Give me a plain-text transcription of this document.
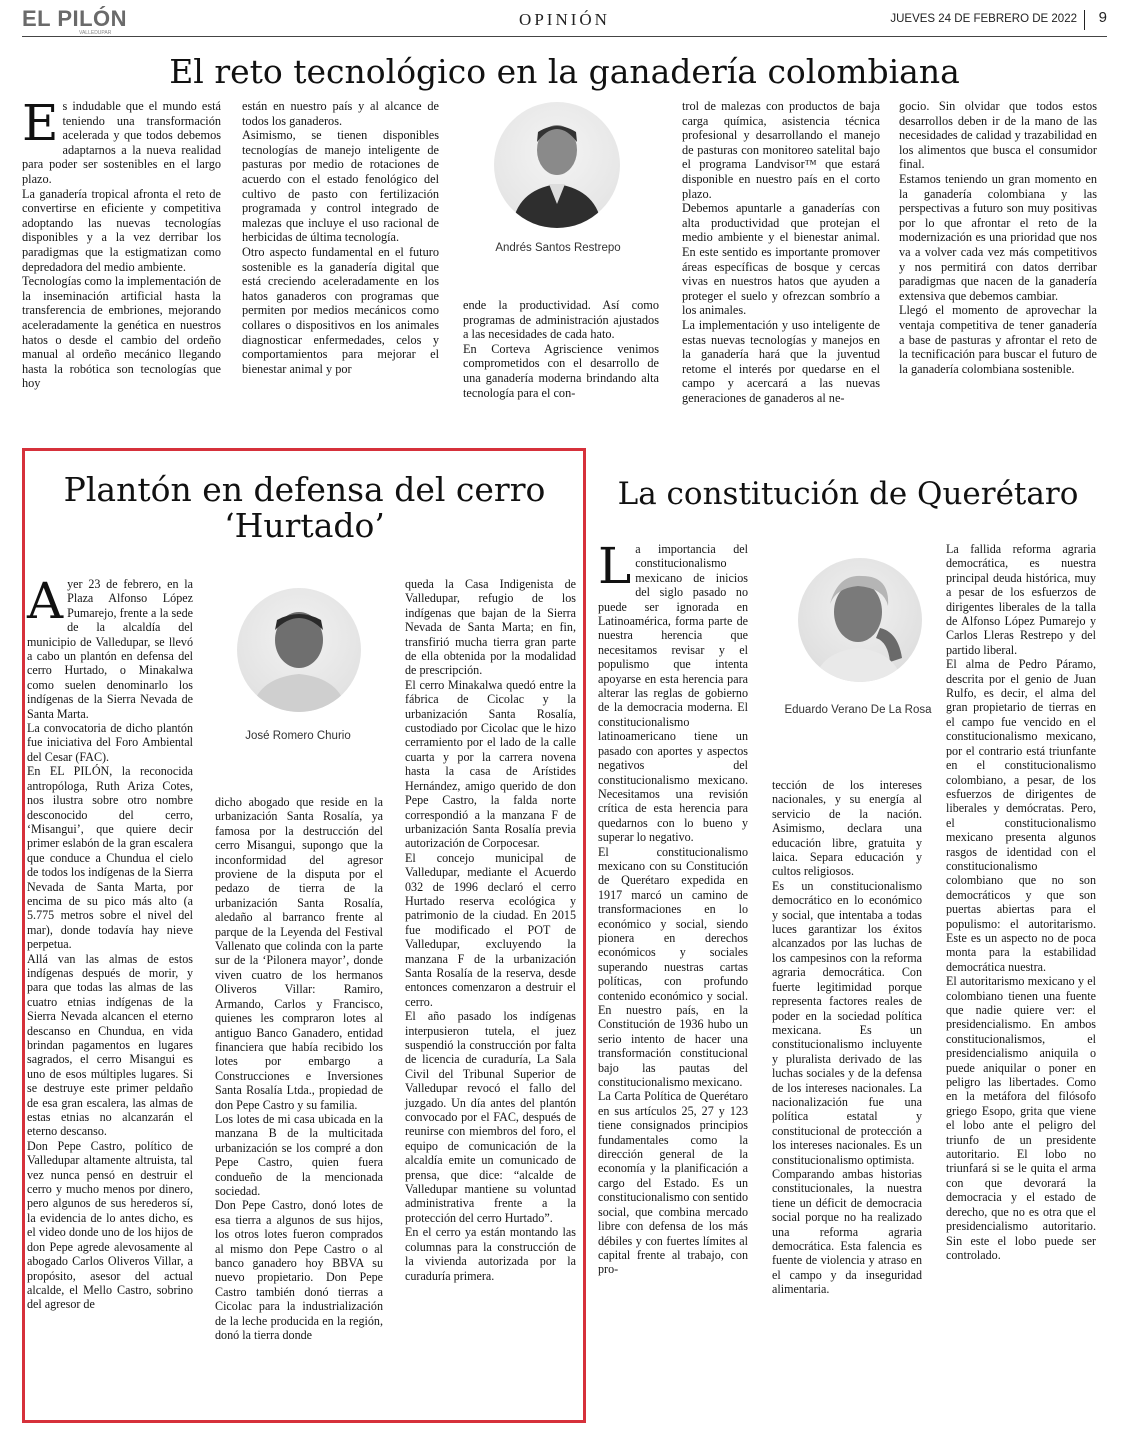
EL PILÓN
VALLEDUPAR
OPINIÓN	JUEVES 24 DE FEBRERO DE 2022 9
El reto tecnológico en la ganadería colombiana
E s indudable que el mundo está teniendo una transformación acelerada y que todos debemos adaptarnos a la nueva realidad para poder ser sostenibles en el largo plazo.

La ganadería tropical afronta el reto de convertirse en eficiente y competitiva adoptando las nuevas tecnologías disponibles y a la vez derribar los paradigmas que la estigmatizan como depredadora del medio ambiente.

Tecnologías como la implementación de la inseminación artificial hasta la transferencia de embriones, mejorando aceleradamente la genética en nuestros hatos o desde el cambio del ordeño manual al ordeño mecánico llegando hasta la robótica son tecnologías que hoy

están en nuestro país y al alcance de todos los ganaderos.

Asimismo, se tienen disponibles tecnologías de manejo inteligente de pasturas por medio de rotaciones de acuerdo con el estado fenológico del cultivo de pasto con fertilización programada y control integrado de malezas que incluye el uso racional de herbicidas de última tecnología.

Otro aspecto fundamental en el futuro sostenible es la ganadería digital que está creciendo aceleradamente en los hatos ganaderos con programas que permiten por medios mecánicos como collares o dispositivos en los animales diagnosticar enfermedades, celos y comportamientos para mejorar el bienestar animal y por

Andrés Santos Restrepo

ende la productividad. Así como programas de administración ajustados a las necesidades de cada hato.

En Corteva Agriscience venimos comprometidos con el desarrollo de una ganadería moderna brindando alta tecnología para el con-

trol de malezas con productos de baja carga química, asistencia técnica profesional y desarrollando el manejo de pasturas con monitoreo satelital bajo el programa Landvisor™ que estará disponible en nuestro país en el corto plazo.

Debemos apuntarle a ganaderías con alta productividad que protejan el medio ambiente y el bienestar animal. En este sentido es importante promover áreas específicas de bosque y cercas vivas en nuestros hatos que ayuden a proteger el suelo y ofrezcan sombrío a los animales.

La implementación y uso inteligente de estas nuevas tecnologías y manejos en la ganadería hará que la juventud retome el interés por quedarse en el campo y acercará a las nuevas generaciones de ganaderos al ne-

gocio. Sin olvidar que todos estos desarrollos deben ir de la mano de las necesidades de calidad y trazabilidad en los alimentos que busca el consumidor final.

Estamos teniendo un gran momento en la ganadería colombiana y las perspectivas a futuro son muy positivas por lo que afrontar el reto de la modernización es una prioridad que nos va a volver cada vez más competitivos y nos permitirá con datos derribar paradigmas que nacen de la ganadería extensiva que debemos cambiar.

Llegó el momento de aprovechar la ventaja competitiva de tener ganadería a base de pasturas y afrontar el reto de la tecnificación para buscar el futuro de la ganadería colombiana sostenible.

Plantón en defensa del cerro ‘Hurtado’
A yer 23 de febrero, en la Plaza Alfonso López Pumarejo, frente a la sede de la alcaldía del municipio de Valledupar, se llevó a cabo un plantón en defensa del cerro Hurtado, o Minakalwa como suelen denominarlo los indígenas de la Sierra Nevada de Santa Marta.

La convocatoria de dicho plantón fue iniciativa del Foro Ambiental del Cesar (FAC).

En EL PILÓN, la reconocida antropóloga, Ruth Ariza Cotes, nos ilustra sobre otro nombre desconocido del cerro, ‘Misangui’, que quiere decir primer eslabón de la gran escalera que conduce a Chundua el cielo de todos los indígenas de la Sierra Nevada de Santa Marta, por encima de su pico más alto (a 5.775 metros sobre el nivel del mar), donde todavía hay nieve perpetua.

Allá van las almas de estos indígenas después de morir, y para que todas las almas de las cuatro etnias indígenas de la Sierra Nevada alcancen el eterno descanso en Chundua, en vida brindan pagamentos en lugares sagrados, el cerro Misangui es uno de esos múltiples lugares. Si se destruye este primer peldaño de esa gran escalera, las almas de estas etnias no alcanzarán el eterno descanso.

Don Pepe Castro, político de Valledupar altamente altruista, tal vez nunca pensó en destruir el cerro y mucho menos por dinero, pero algunos de sus herederos sí, la evidencia de lo antes dicho, es el video donde uno de los hijos de don Pepe agrede alevosamente al abogado Carlos Oliveros Villar, a propósito, asesor del actual alcalde, el Mello Castro, sobrino del agresor de

José Romero Churio

dicho abogado que reside en la urbanización Santa Rosalía, ya famosa por la destrucción del cerro Misangui, supongo que la inconformidad del agresor proviene de la disputa por el pedazo de tierra de la urbanización Santa Rosalía, aledaño al barranco frente al parque de la Leyenda del Festival Vallenato que colinda con la parte sur de la ‘Pilonera mayor’, donde viven cuatro de los hermanos Oliveros Villar: Ramiro, Armando, Carlos y Francisco, quienes les compraron lotes al antiguo Banco Ganadero, entidad financiera que había recibido los lotes por embargo a Construcciones e Inversiones Santa Rosalía Ltda., propiedad de don Pepe Castro y su familia.

Los lotes de mi casa ubicada en la manzana B de la multicitada urbanización se los compré a don Pepe Castro, quien fuera condueño de la mencionada sociedad.

Don Pepe Castro, donó lotes de esa tierra a algunos de sus hijos, los otros lotes fueron comprados al mismo don Pepe Castro o al banco ganadero hoy BBVA su nuevo propietario. Don Pepe Castro también donó tierras a Cicolac para la industrialización de la leche producida en la región, donó la tierra donde

queda la Casa Indigenista de Valledupar, refugio de los indígenas que bajan de la Sierra Nevada de Santa Marta; en fin, transfirió mucha tierra gran parte de ella obtenida por la modalidad de prescripción.

El cerro Minakalwa quedó entre la fábrica de Cicolac y la urbanización Santa Rosalía, custodiado por Cicolac que le hizo cerramiento por el lado de la calle cuarta y por la carrera novena hasta la casa de Arístides Hernández, amigo querido de don Pepe Castro, la falda norte correspondió a la manzana F de urbanización Santa Rosalía previa autorización de Corpocesar.

El concejo municipal de Valledupar, mediante el Acuerdo 032 de 1996 declaró el cerro Hurtado reserva ecológica y patrimonio de la ciudad. En 2015 fue modificado el POT de Valledupar, excluyendo la manzana F de la urbanización Santa Rosalía de la reserva, desde entonces comenzaron a destruir el cerro.

El año pasado los indígenas interpusieron tutela, el juez suspendió la construcción por falta de licencia de curaduría, La Sala Civil del Tribunal Superior de Valledupar revocó el fallo del juzgado. Un día antes del plantón convocado por el FAC, después de reunirse con miembros del foro, el equipo de comunicación de la alcaldía emite un comunicado de prensa, que dice: “alcalde de Valledupar mantiene su voluntad administrativa frente a la protección del cerro Hurtado”.

En el cerro ya están montando las columnas para la construcción de la vivienda autorizada por la curaduría primera.

La constitución de Querétaro
L a importancia del constitucionalismo mexicano de inicios del siglo pasado no puede ser ignorada en Latinoamérica, forma parte de nuestra herencia que necesitamos revisar y el populismo que intenta apoyarse en esta herencia para alterar las reglas de gobierno de la democracia moderna. El constitucionalismo latinoamericano tiene un pasado con aportes y aspectos negativos del constitucionalismo mexicano. Necesitamos una revisión crítica de esta herencia para quedarnos con lo bueno y superar lo negativo.

El constitucionalismo mexicano con su Constitución de Querétaro expedida en 1917 marcó un camino de transformaciones en lo económico y social, siendo pionera en derechos económicos y sociales superando nuestras cartas políticas, con profundo contenido económico y social. En nuestro país, en la Constitución de 1936 hubo un serio intento de hacer una transformación constitucional bajo las pautas del constitucionalismo mexicano.

La Carta Política de Querétaro en sus artículos 25, 27 y 123 tiene consignados principios fundamentales como la dirección general de la economía y la planificación a cargo del Estado. Es un constitucionalismo con sentido social, que combina mercado libre con defensa de los más débiles y con fuertes límites al capital frente al trabajo, con pro-

Eduardo Verano De La Rosa

tección de los intereses nacionales, y su energía al servicio de la nación. Asimismo, declara una educación libre, gratuita y laica. Separa educación y cultos religiosos.

Es un constitucionalismo democrático en lo económico y social, que intentaba a todas luces garantizar los éxitos alcanzados por las luchas de los campesinos con la reforma agraria democrática. Con fuerte legitimidad porque representa factores reales de poder en la sociedad política mexicana. Es un constitucionalismo incluyente y pluralista derivado de las luchas sociales y de la defensa de los intereses nacionales. La nacionalización fue una política estatal y constitucional de protección a los intereses nacionales. Es un constitucionalismo optimista.

Comparando ambas historias constitucionales, la nuestra tiene un déficit de democracia social porque no ha realizado una reforma agraria democrática. Esta falencia es fuente de violencia y atraso en el campo y da inseguridad alimentaria.

La fallida reforma agraria democrática, es nuestra principal deuda histórica, muy a pesar de los esfuerzos de dirigentes liberales de la talla de Alfonso López Pumarejo y Carlos Lleras Restrepo y del partido liberal.

El alma de Pedro Páramo, descrita por el genio de Juan Rulfo, es decir, el alma del gran propietario de tierras en el campo fue vencido en el constitucionalismo mexicano, por el contrario está triunfante en el constitucionalismo colombiano, a pesar, de los esfuerzos de dirigentes de liberales y demócratas. Pero, el constitucionalismo mexicano presenta algunos rasgos de identidad con el constitucionalismo colombiano que no son democráticos y que son puertas abiertas para el populismo: el autoritarismo. Este es un aspecto no de poca monta para la estabilidad democrática nuestra.

El autoritarismo mexicano y el colombiano tienen una fuente que nadie quiere ver: el presidencialismo. En ambos constitucionalismos, el presidencialismo aniquila o puede aniquilar o poner en peligro las libertades. Como en la metáfora del filósofo griego Esopo, grita que viene el lobo ante el peligro del triunfo de un presidente autoritario. El lobo no triunfará si se le quita el arma con que devorará la democracia y el estado de derecho, que no es otra que el presidencialismo autoritario. Sin este el lobo puede ser controlado.
